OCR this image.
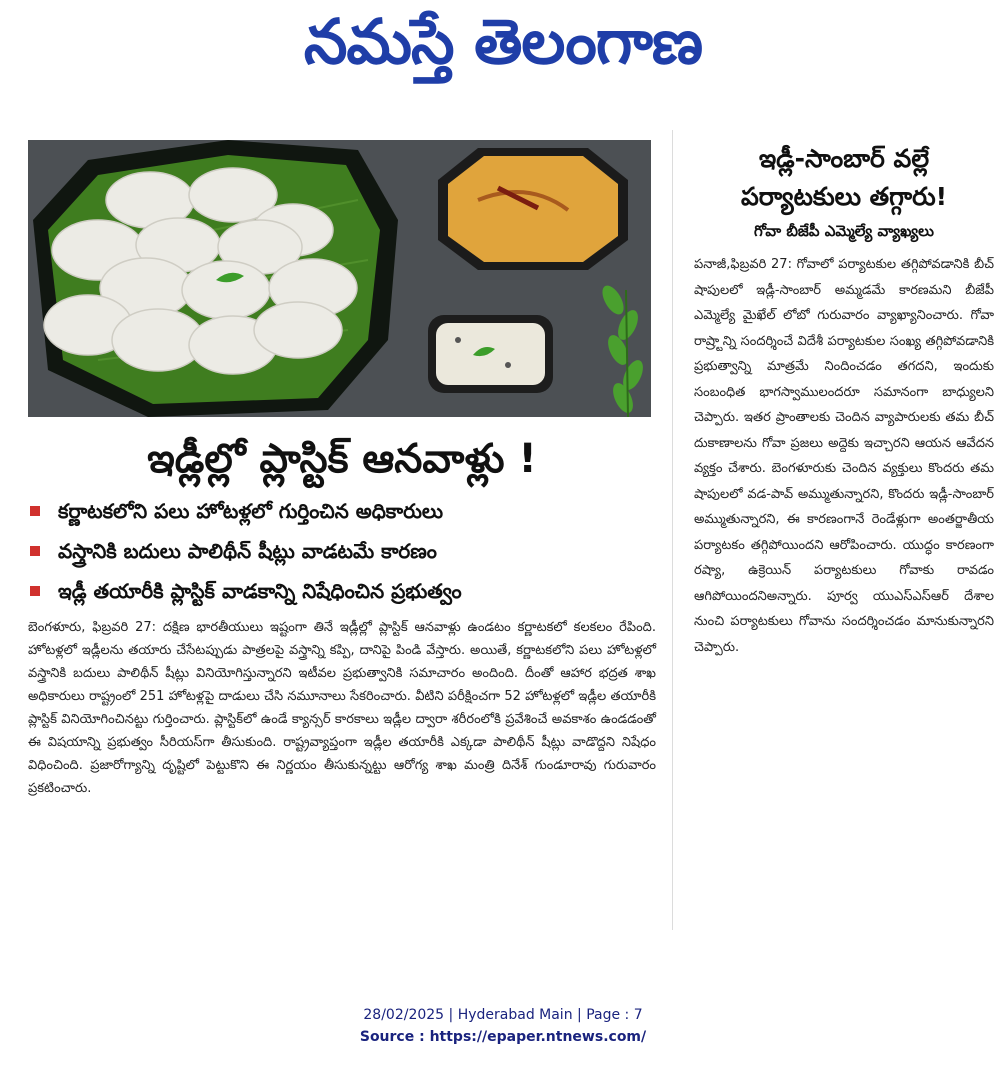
నమస్తే తెలంగాణ
ఇడ్లీల్లో ప్లాస్టిక్ ఆనవాళ్లు !
కర్ణాటకలోని పలు హోటళ్లలో గుర్తించిన అధికారులు
వస్త్రానికి బదులు పాలిథీన్ షీట్లు వాడటమే కారణం
ఇడ్లీ తయారీకి ప్లాస్టిక్ వాడకాన్ని నిషేధించిన ప్రభుత్వం
బెంగళూరు, ఫిబ్రవరి 27: దక్షిణ భారతీయులు ఇష్టంగా తినే ఇడ్లీల్లో ప్లాస్టిక్ ఆనవాళ్లు ఉండటం కర్ణాటకలో కలకలం రేపింది. హోటళ్లలో ఇడ్లీలను తయారు చేసేటప్పుడు పాత్రలపై వస్త్రాన్ని కప్పి, దానిపై పిండి వేస్తారు. అయితే, కర్ణాటకలోని పలు హోటళ్లలో వస్త్రానికి బదులు పాలిథీన్ షీట్లు వినియోగిస్తున్నారని ఇటీవల ప్రభుత్వానికి సమాచారం అందింది. దీంతో ఆహార భద్రత శాఖ అధికారులు రాష్ట్రంలో 251 హోటళ్లపై దాడులు చేసి నమూనాలు సేకరించారు. వీటిని పరీక్షించగా 52 హోటళ్లలో ఇడ్లీల తయారీకి ప్లాస్టిక్ వినియోగించినట్టు గుర్తించారు. ప్లాస్టిక్‌లో ఉండే క్యాన్సర్ కారకాలు ఇడ్లీల ద్వారా శరీరంలోకి ప్రవేశించే అవకాశం ఉండడంతో ఈ విషయాన్ని ప్రభుత్వం సీరియస్‌గా తీసుకుంది. రాష్ట్రవ్యాప్తంగా ఇడ్లీల తయారీకి ఎక్కడా పాలిథీన్ షీట్లు వాడొద్దని నిషేధం విధించింది. ప్రజారోగ్యాన్ని దృష్టిలో పెట్టుకొని ఈ నిర్ణయం తీసుకున్నట్టు ఆరోగ్య శాఖ మంత్రి దినేశ్ గుండూరావు గురువారం ప్రకటించారు.
ఇడ్లీ-సాంబార్ వల్లే
పర్యాటకులు తగ్గారు!
గోవా బీజేపీ ఎమ్మెల్యే వ్యాఖ్యలు
పనాజీ,ఫిబ్రవరి 27: గోవాలో పర్యాటకుల తగ్గిపోవడానికి బీచ్ షాపులలో ఇడ్లీ-సాంబార్ అమ్మడమే కారణమని బీజేపీ ఎమ్మెల్యే మైఖేల్ లోబో గురువారం వ్యాఖ్యానించారు. గోవా రాష్ర్టాన్ని సందర్శించే విదేశీ పర్యాటకుల సంఖ్య తగ్గిపోవడానికి ప్రభుత్వాన్ని మాత్రమే నిందించడం తగదని, ఇందుకు సంబంధిత భాగస్వాములందరూ సమానంగా బాధ్యులని చెప్పారు. ఇతర ప్రాంతాలకు చెందిన వ్యాపారులకు తమ బీచ్ దుకాణాలను గోవా ప్రజలు అద్దెకు ఇచ్చారని ఆయన ఆవేదన వ్యక్తం చేశారు. బెంగళూరుకు చెందిన వ్యక్తులు కొందరు తమ షాపులలో వడ-పావ్ అమ్ముతున్నారని, కొందరు ఇడ్లీ-సాంబార్ అమ్ముతున్నారని, ఈ కారణంగానే రెండేళ్లుగా అంతర్జాతీయ పర్యాటకం తగ్గిపోయిందని ఆరోపించారు. యుద్ధం కారణంగా రష్యా, ఉక్రెయిన్ పర్యాటకులు గోవాకు రావడం ఆగిపోయిందనిఅన్నారు. పూర్వ యుఎస్ఎస్ఆర్ దేశాల నుంచి పర్యాటకులు గోవాను సందర్శించడం మానుకున్నారని చెప్పారు.
28/02/2025 | Hyderabad Main | Page : 7
Source : https://epaper.ntnews.com/
